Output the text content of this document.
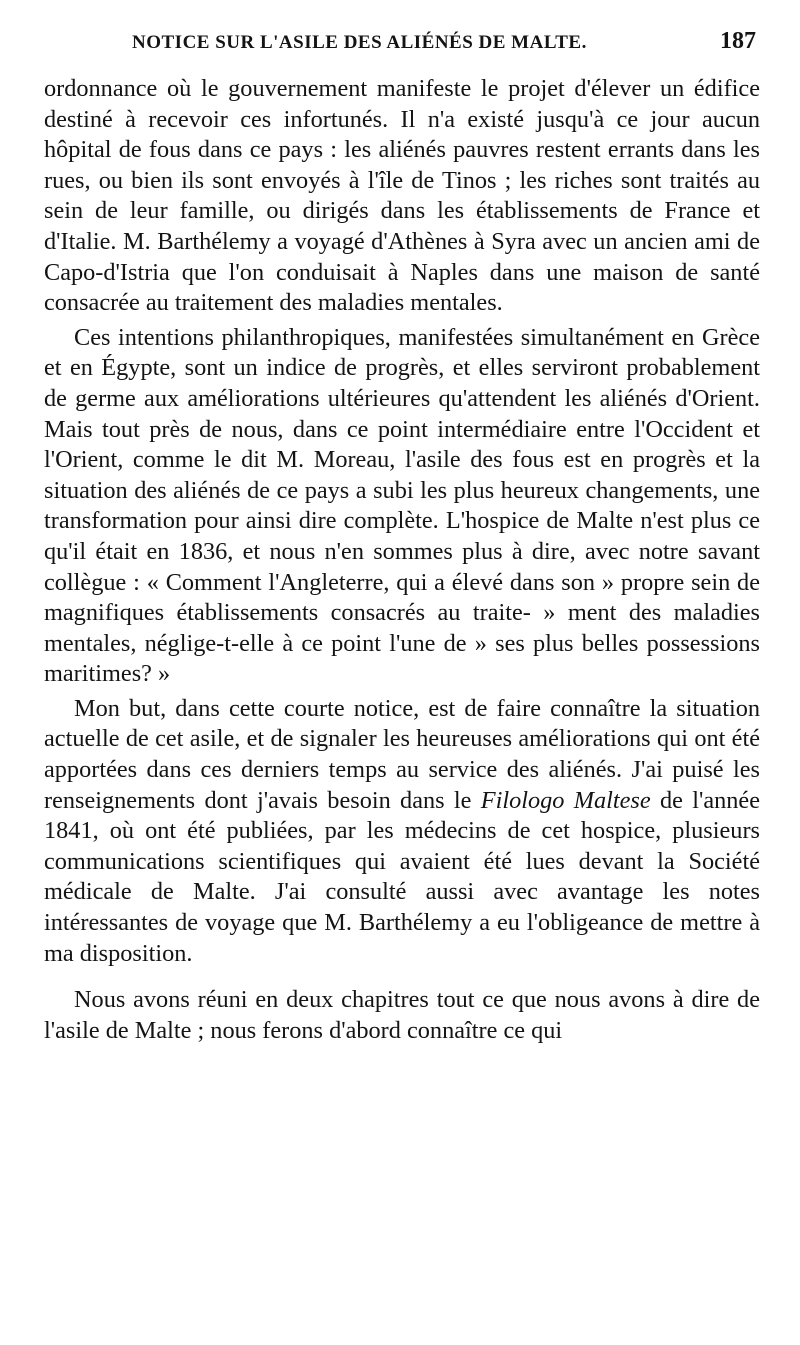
NOTICE SUR L'ASILE DES ALIÉNÉS DE MALTE.	187

ordonnance où le gouvernement manifeste le projet d'élever un édifice destiné à recevoir ces infortunés. Il n'a existé jusqu'à ce jour aucun hôpital de fous dans ce pays : les aliénés pauvres restent errants dans les rues, ou bien ils sont envoyés à l'île de Tinos ; les riches sont traités au sein de leur famille, ou dirigés dans les établissements de France et d'Italie. M. Barthélemy a voyagé d'Athènes à Syra avec un ancien ami de Capo-d'Istria que l'on conduisait à Naples dans une maison de santé consacrée au traitement des maladies mentales.

Ces intentions philanthropiques, manifestées simultanément en Grèce et en Égypte, sont un indice de progrès, et elles serviront probablement de germe aux améliorations ultérieures qu'attendent les aliénés d'Orient. Mais tout près de nous, dans ce point intermédiaire entre l'Occident et l'Orient, comme le dit M. Moreau, l'asile des fous est en progrès et la situation des aliénés de ce pays a subi les plus heureux changements, une transformation pour ainsi dire complète. L'hospice de Malte n'est plus ce qu'il était en 1836, et nous n'en sommes plus à dire, avec notre savant collègue : « Comment l'Angleterre, qui a élevé dans son » propre sein de magnifiques établissements consacrés au traite- » ment des maladies mentales, néglige-t-elle à ce point l'une de » ses plus belles possessions maritimes? »

Mon but, dans cette courte notice, est de faire connaître la situation actuelle de cet asile, et de signaler les heureuses améliorations qui ont été apportées dans ces derniers temps au service des aliénés. J'ai puisé les renseignements dont j'avais besoin dans le Filologo Maltese de l'année 1841, où ont été publiées, par les médecins de cet hospice, plusieurs communications scientifiques qui avaient été lues devant la Société médicale de Malte. J'ai consulté aussi avec avantage les notes intéressantes de voyage que M. Barthélemy a eu l'obligeance de mettre à ma disposition.

Nous avons réuni en deux chapitres tout ce que nous avons à dire de l'asile de Malte ; nous ferons d'abord connaître ce qui
